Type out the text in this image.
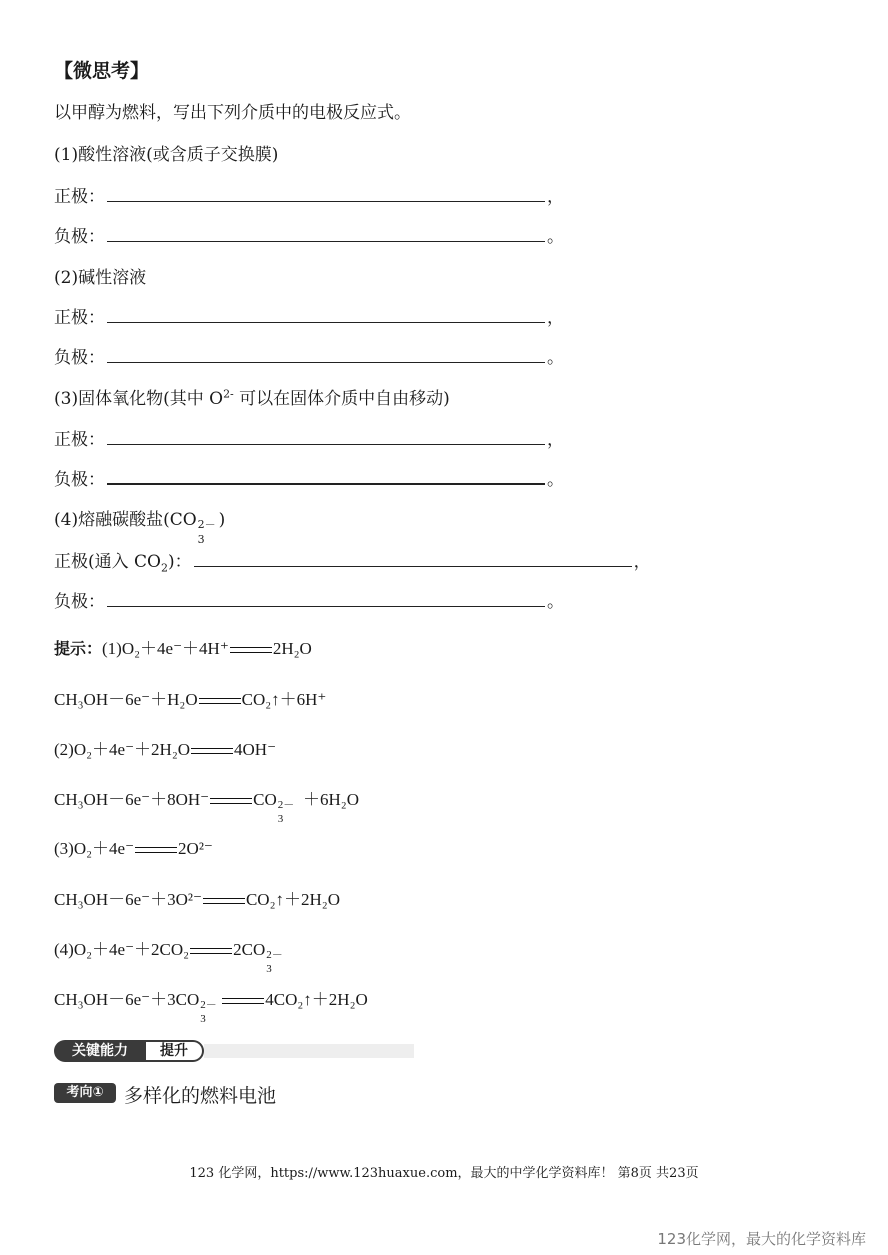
【微思考】
以甲醇为燃料，写出下列介质中的电极反应式。
(1)酸性溶液(或含质子交换膜)
正极：	，
负极：	。
(2)碱性溶液
正极：	，
负极：	。
(3)固体氧化物(其中 $O^{2-}$ 可以在固体介质中自由移动)
正极：	，
负极：	。
(4)熔融碳酸盐(CO 2－
3
)
正极(通入 $CO_2$)：	，
负极：	。
提示：(1)O₂＋4e⁻＋4H⁺	2H₂O
CH₃OH－6e⁻＋H₂O	CO₂↑＋6H⁺
(2)O₂＋4e⁻＋2H₂O	4OH⁻
CH₃OH－6e⁻＋8OH⁻	CO 2－
3
＋6H₂O
(3)O₂＋4e⁻	2O²⁻
CH₃OH－6e⁻＋3O²⁻	CO₂↑＋2H₂O
(4)O₂＋4e⁻＋2CO₂	2CO 2－
3
CH₃OH－6e⁻＋3CO 2－
3
4CO₂↑＋2H₂O
关键能力	提升
考向①	多样化的燃料电池
123 化学网，https://www.123huaxue.com，最大的中学化学资料库！ 第8页 共23页
123化学网，最大的化学资料库
